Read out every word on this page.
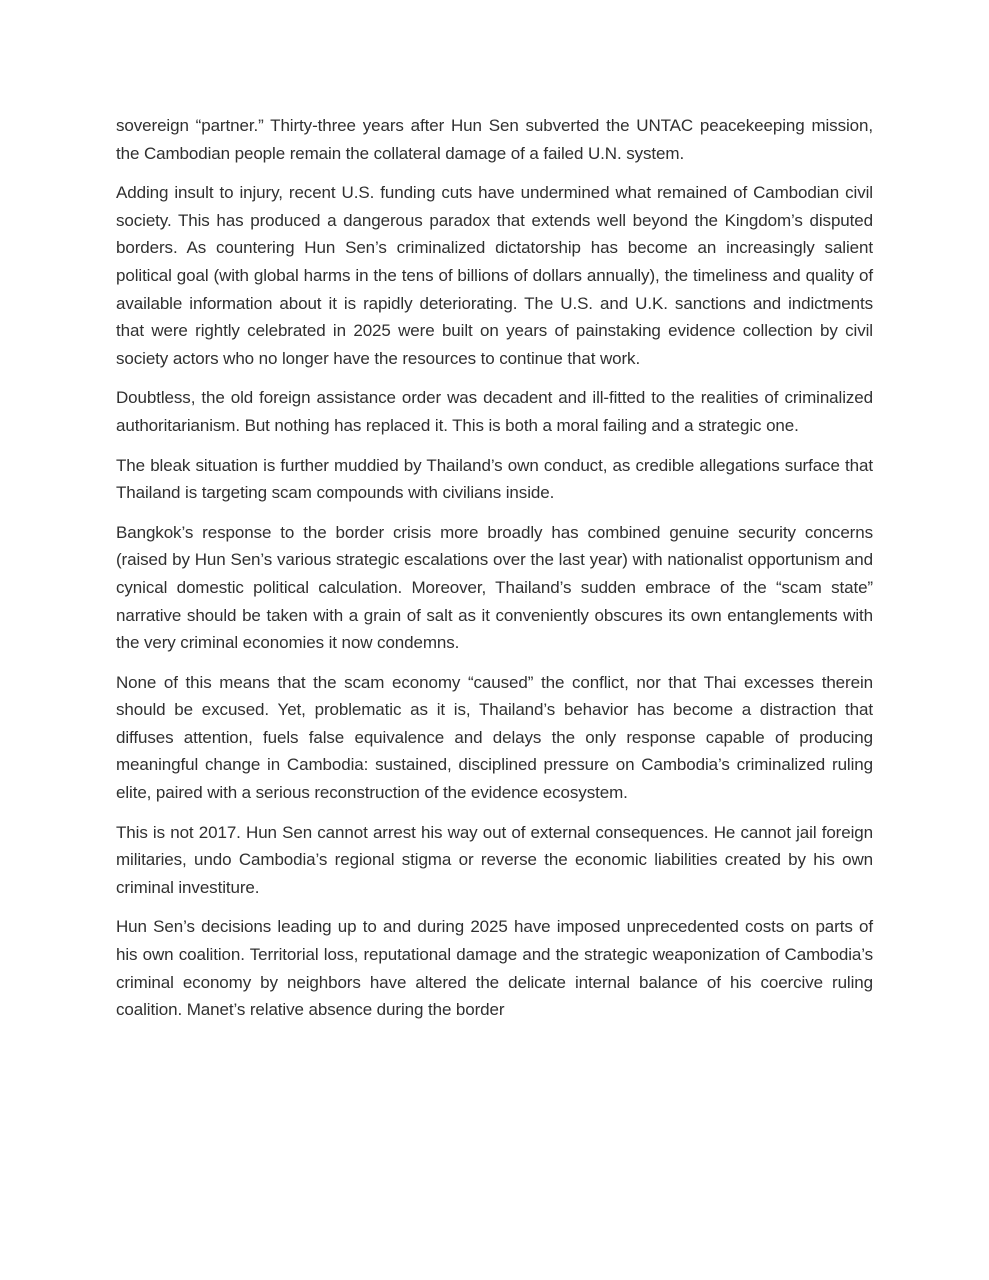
sovereign “partner.” Thirty-three years after Hun Sen subverted the UNTAC peacekeeping mission, the Cambodian people remain the collateral damage of a failed U.N. system.

Adding insult to injury, recent U.S. funding cuts have undermined what remained of Cambodian civil society. This has produced a dangerous paradox that extends well beyond the Kingdom’s disputed borders. As countering Hun Sen’s criminalized dictatorship has become an increasingly salient political goal (with global harms in the tens of billions of dollars annually), the timeliness and quality of available information about it is rapidly deteriorating. The U.S. and U.K. sanctions and indictments that were rightly celebrated in 2025 were built on years of painstaking evidence collection by civil society actors who no longer have the resources to continue that work.

Doubtless, the old foreign assistance order was decadent and ill-fitted to the realities of criminalized authoritarianism. But nothing has replaced it. This is both a moral failing and a strategic one.

The bleak situation is further muddied by Thailand’s own conduct, as credible allegations surface that Thailand is targeting scam compounds with civilians inside.

Bangkok’s response to the border crisis more broadly has combined genuine security concerns (raised by Hun Sen’s various strategic escalations over the last year) with nationalist opportunism and cynical domestic political calculation. Moreover, Thailand’s sudden embrace of the “scam state” narrative should be taken with a grain of salt as it conveniently obscures its own entanglements with the very criminal economies it now condemns.

None of this means that the scam economy “caused” the conflict, nor that Thai excesses therein should be excused. Yet, problematic as it is, Thailand’s behavior has become a distraction that diffuses attention, fuels false equivalence and delays the only response capable of producing meaningful change in Cambodia: sustained, disciplined pressure on Cambodia’s criminalized ruling elite, paired with a serious reconstruction of the evidence ecosystem.

This is not 2017. Hun Sen cannot arrest his way out of external consequences. He cannot jail foreign militaries, undo Cambodia’s regional stigma or reverse the economic liabilities created by his own criminal investiture.

Hun Sen’s decisions leading up to and during 2025 have imposed unprecedented costs on parts of his own coalition. Territorial loss, reputational damage and the strategic weaponization of Cambodia’s criminal economy by neighbors have altered the delicate internal balance of his coercive ruling coalition. Manet’s relative absence during the border
